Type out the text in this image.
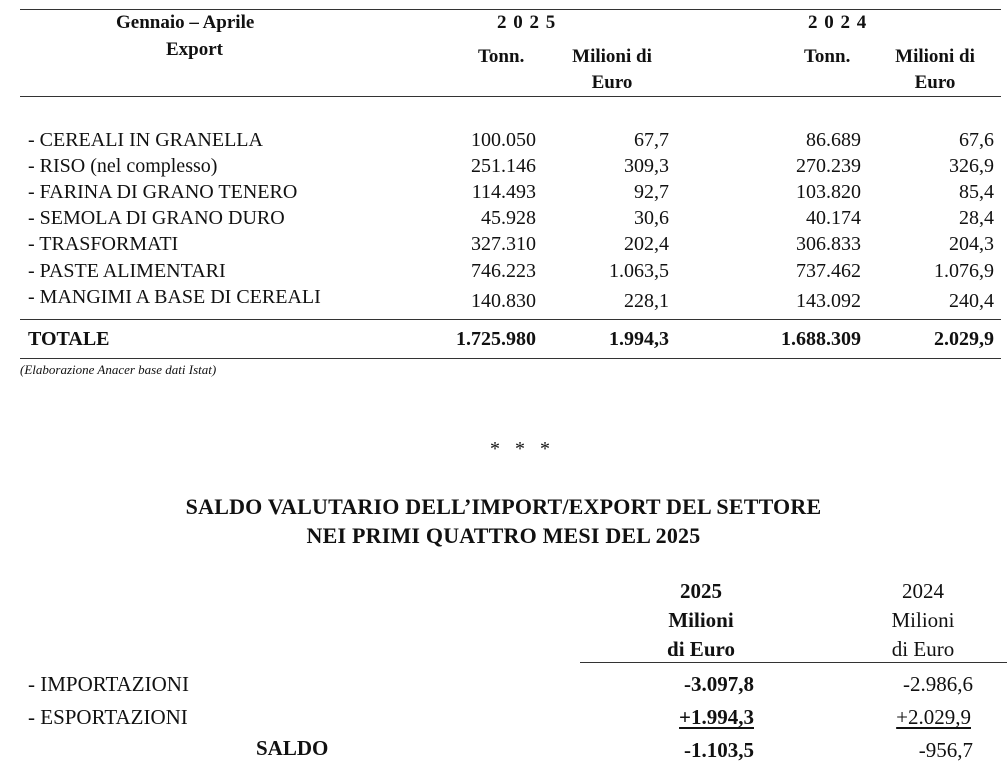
Gennaio – Aprile
Export
2 0 2 5	2 0 2 4
Tonn.	Milioni di
Euro
Tonn.	Milioni di
Euro
- CEREALI IN GRANELLA	100.050	67,7	86.689	67,6
- RISO (nel complesso)	251.146	309,3	270.239	326,9
- FARINA DI GRANO TENERO	114.493	92,7	103.820	85,4
- SEMOLA DI GRANO DURO	45.928	30,6	40.174	28,4
- TRASFORMATI	327.310	202,4	306.833	204,3
- PASTE ALIMENTARI	746.223	1.063,5	737.462	1.076,9
- MANGIMI A BASE DI CEREALI	140.830	228,1	143.092	240,4
TOTALE	1.725.980	1.994,3	1.688.309	2.029,9
(Elaborazione Anacer base dati Istat)
*   *   *
SALDO VALUTARIO DELL’IMPORT/EXPORT DEL SETTORE
NEI PRIMI QUATTRO MESI DEL 2025
2025
Milioni
di Euro
2024
Milioni
di Euro
- IMPORTAZIONI	-3.097,8	-2.986,6
- ESPORTAZIONI	+1.994,3	+2.029,9
SALDO	-1.103,5	-956,7
